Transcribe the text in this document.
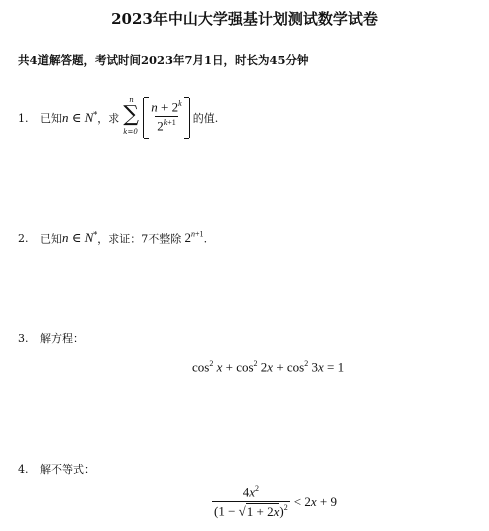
2023年中山大学强基计划测试数学试卷
共4道解答题，考试时间2023年7月1日，时长为45分钟
1.	已知 n ∈ N* ，求
n
∑
$k=0 \frac{n + 2^k}{2^{k+1}}$ 的值.
2. 已知n ∈ N*，求证：7不整除 $2^{n+1}$.
3. 解方程：
$\cos^2 x + \cos^2 2x + \cos^2 3x = 1$
4. 解不等式：
$\frac{4x^2}{(1 - √1 + 2x)^2} < 2x + 9$
